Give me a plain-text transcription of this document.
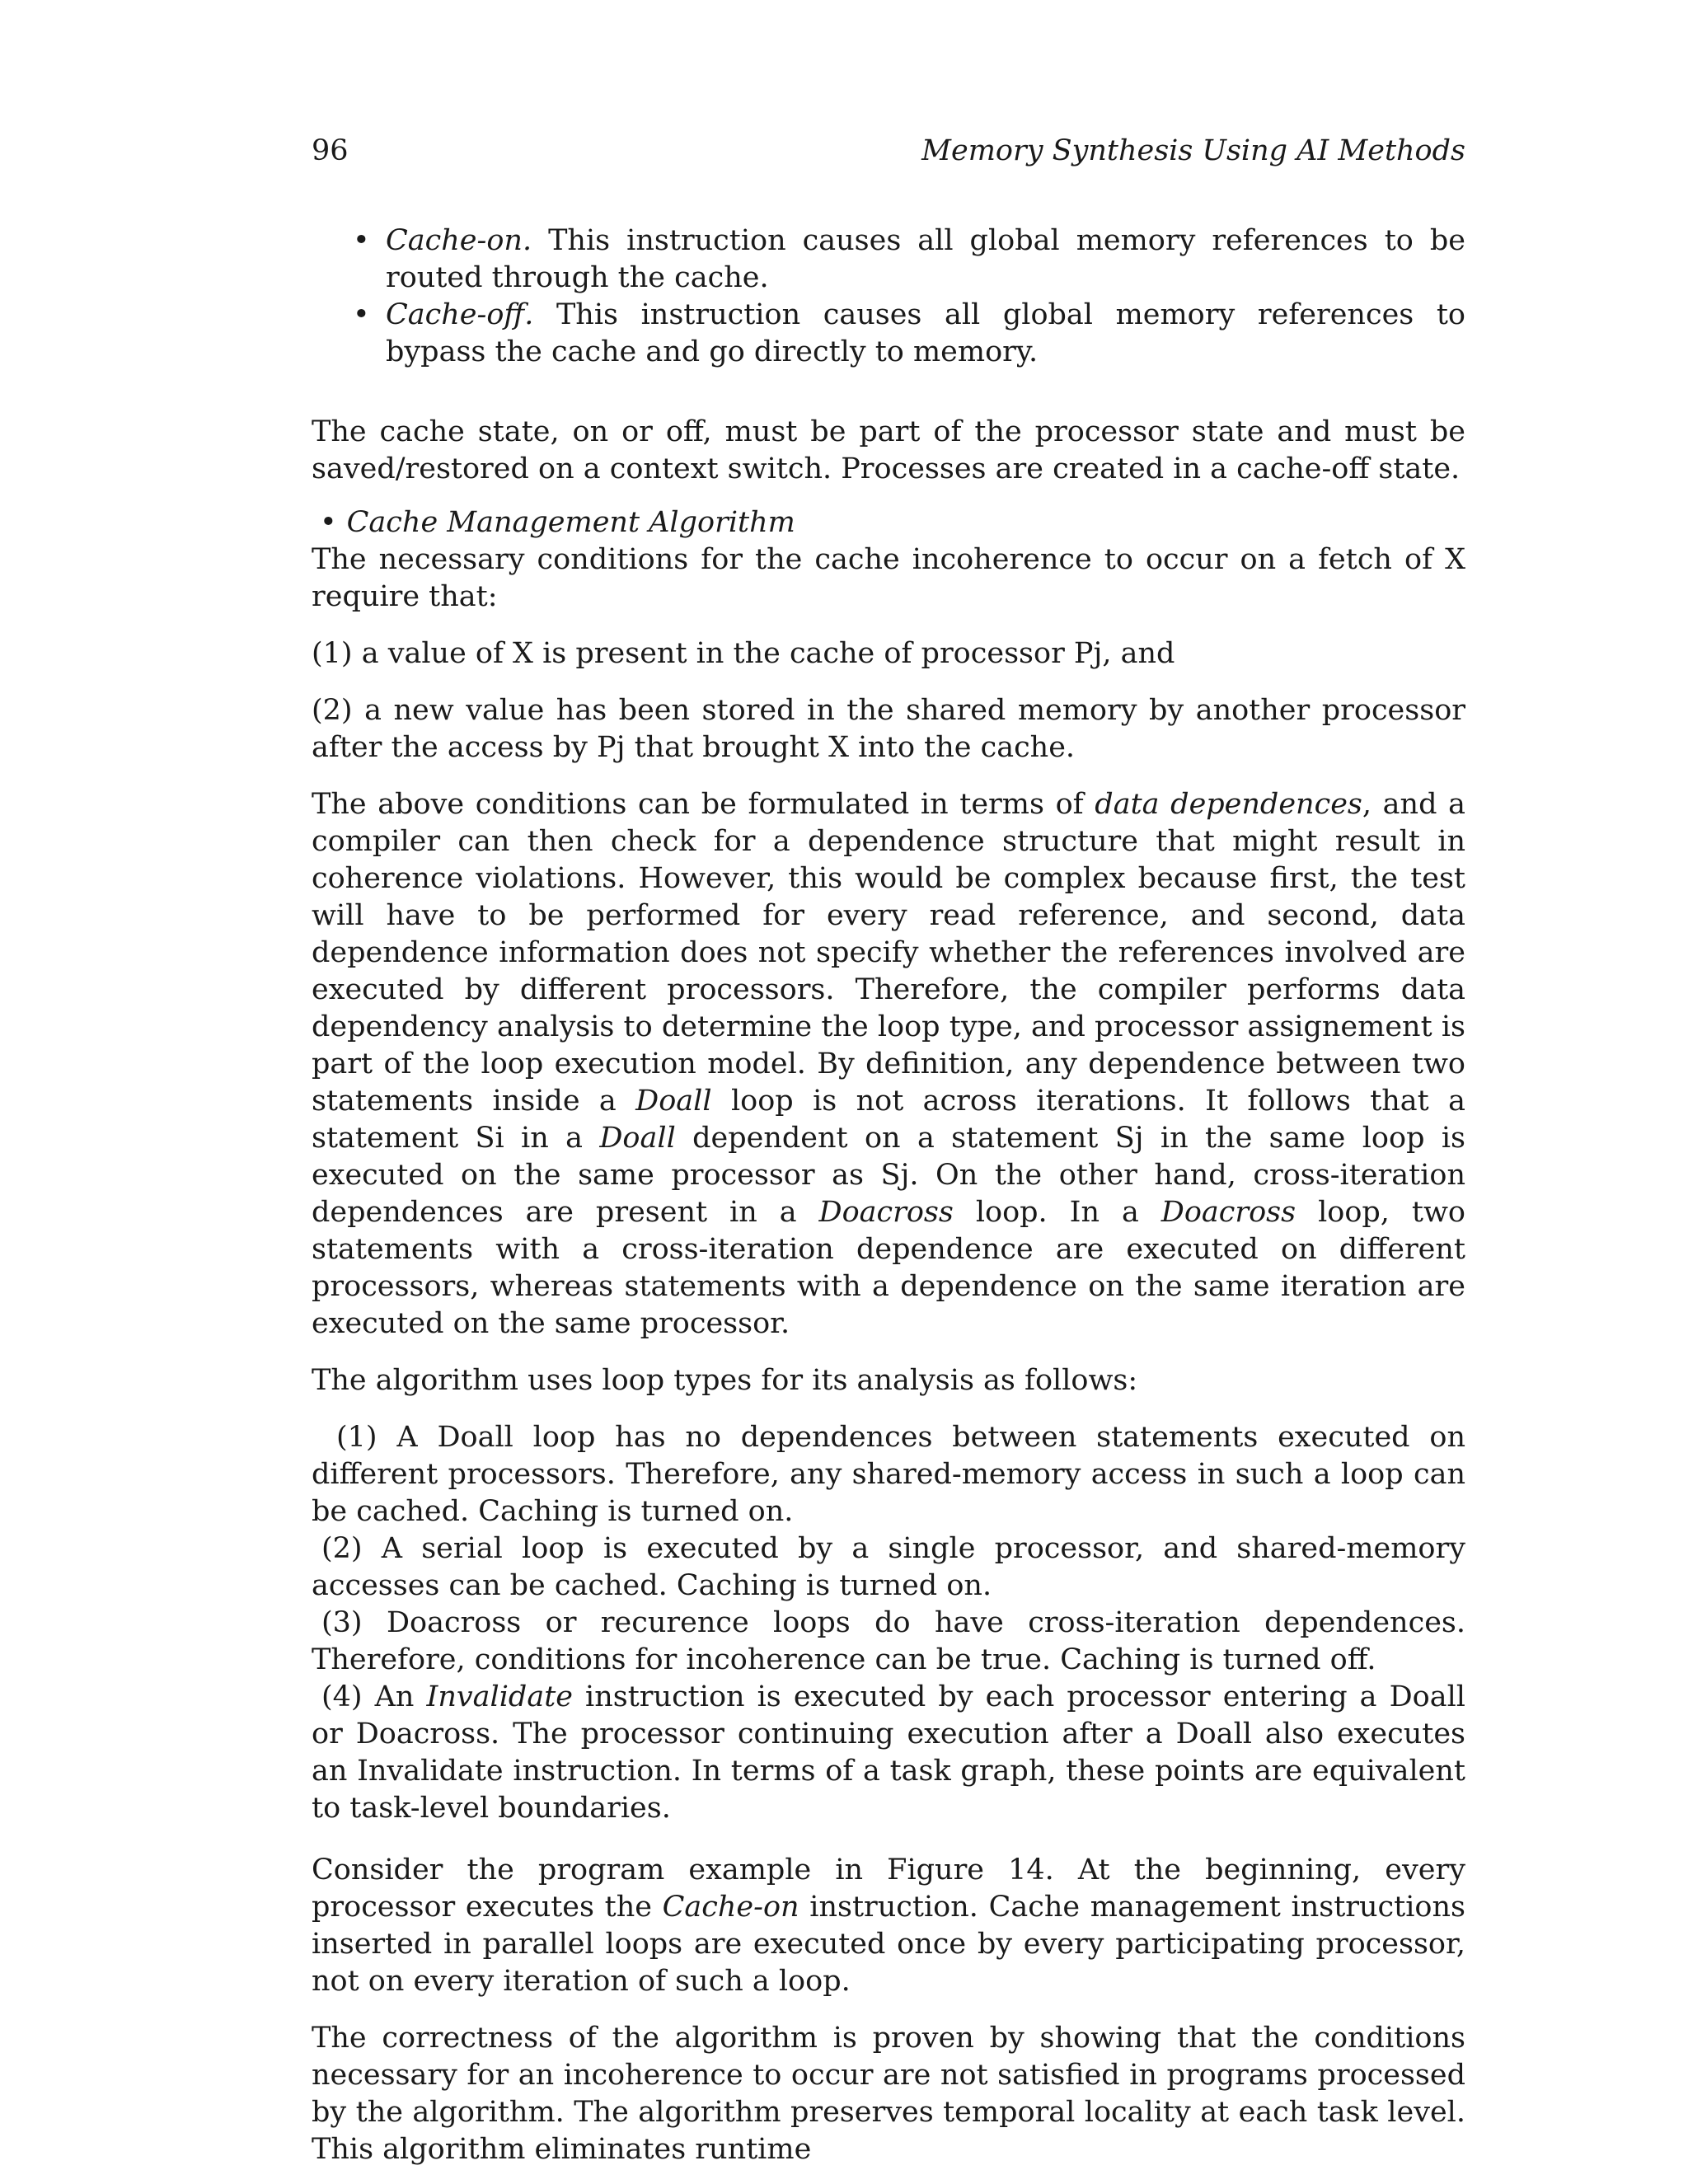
96	Memory Synthesis Using AI Methods

• Cache-on. This instruction causes all global memory references to be routed through the cache.

• Cache-off. This instruction causes all global memory references to bypass the cache and go directly to memory.

The cache state, on or off, must be part of the processor state and must be saved/restored on a context switch. Processes are created in a cache-off state.

• Cache Management Algorithm

The necessary conditions for the cache incoherence to occur on a fetch of X require that:

(1) a value of X is present in the cache of processor Pj, and

(2) a new value has been stored in the shared memory by another processor after the access by Pj that brought X into the cache.

The above conditions can be formulated in terms of data dependences, and a compiler can then check for a dependence structure that might result in coherence violations. However, this would be complex because first, the test will have to be performed for every read reference, and second, data dependence information does not specify whether the references involved are executed by different processors. Therefore, the compiler performs data dependency analysis to determine the loop type, and processor assignement is part of the loop execution model. By definition, any dependence between two statements inside a Doall loop is not across iterations. It follows that a statement Si in a Doall dependent on a statement Sj in the same loop is executed on the same processor as Sj. On the other hand, cross-iteration dependences are present in a Doacross loop. In a Doacross loop, two statements with a cross-iteration dependence are executed on different processors, whereas statements with a dependence on the same iteration are executed on the same processor.

The algorithm uses loop types for its analysis as follows:

(1) A Doall loop has no dependences between statements executed on different processors. Therefore, any shared-memory access in such a loop can be cached. Caching is turned on.

(2) A serial loop is executed by a single processor, and shared-memory accesses can be cached. Caching is turned on.

(3) Doacross or recurence loops do have cross-iteration dependences. Therefore, conditions for incoherence can be true. Caching is turned off.

(4) An Invalidate instruction is executed by each processor entering a Doall or Doacross. The processor continuing execution after a Doall also executes an Invalidate instruction. In terms of a task graph, these points are equivalent to task-level boundaries.

Consider the program example in Figure 14. At the beginning, every processor executes the Cache-on instruction. Cache management instructions inserted in parallel loops are executed once by every participating processor, not on every iteration of such a loop.

The correctness of the algorithm is proven by showing that the conditions necessary for an incoherence to occur are not satisfied in programs processed by the algorithm. The algorithm preserves temporal locality at each task level. This algorithm eliminates runtime
